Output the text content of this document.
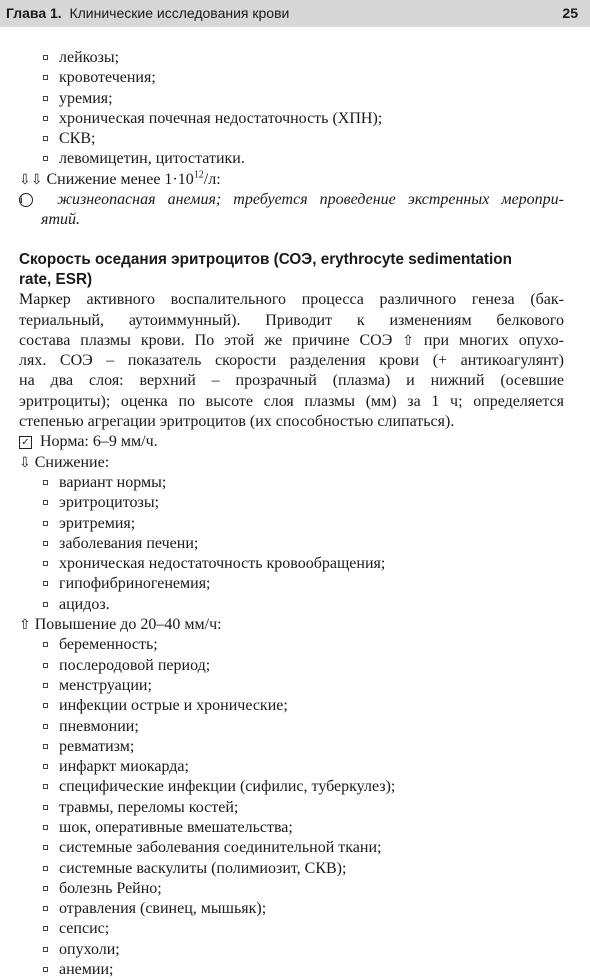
Глава 1. Клинические исследования крови	25
лейкозы;
кровотечения;
уремия;
хроническая почечная недостаточность (ХПН);
СКВ;
левомицетин, цитостатики.
⇩⇩ Снижение менее $1\cdot 10^{12}/л$:
i жизнеопасная анемия; требуется проведение экстренных меропри-
ятий.
Скорость оседания эритроцитов (СОЭ, erythrocyte sedimentation
rate, ESR)
Маркер активного воспалительного процесса различного генеза (бак-
териальный, аутоиммунный). Приводит к изменениям белкового
состава плазмы крови. По этой же причине СОЭ ⇧ при многих опухо-
лях. СОЭ – показатель скорости разделения крови (+ антикоагулянт)
на два слоя: верхний – прозрачный (плазма) и нижний (осевшие
эритроциты); оценка по высоте слоя плазмы (мм) за 1 ч; определяется
степенью агрегации эритроцитов (их способностью слипаться).
✓ Норма: 6–9 мм/ч.
⇩ Снижение:
вариант нормы;
эритроцитозы;
эритремия;
заболевания печени;
хроническая недостаточность кровообращения;
гипофибриногенемия;
ацидоз.
⇧ Повышение до 20–40 мм/ч:
беременность;
послеродовой период;
менструации;
инфекции острые и хронические;
пневмонии;
ревматизм;
инфаркт миокарда;
специфические инфекции (сифилис, туберкулез);
травмы, переломы костей;
шок, оперативные вмешательства;
системные заболевания соединительной ткани;
системные васкулиты (полимиозит, СКВ);
болезнь Рейно;
отравления (свинец, мышьяк);
сепсис;
опухоли;
анемии;
